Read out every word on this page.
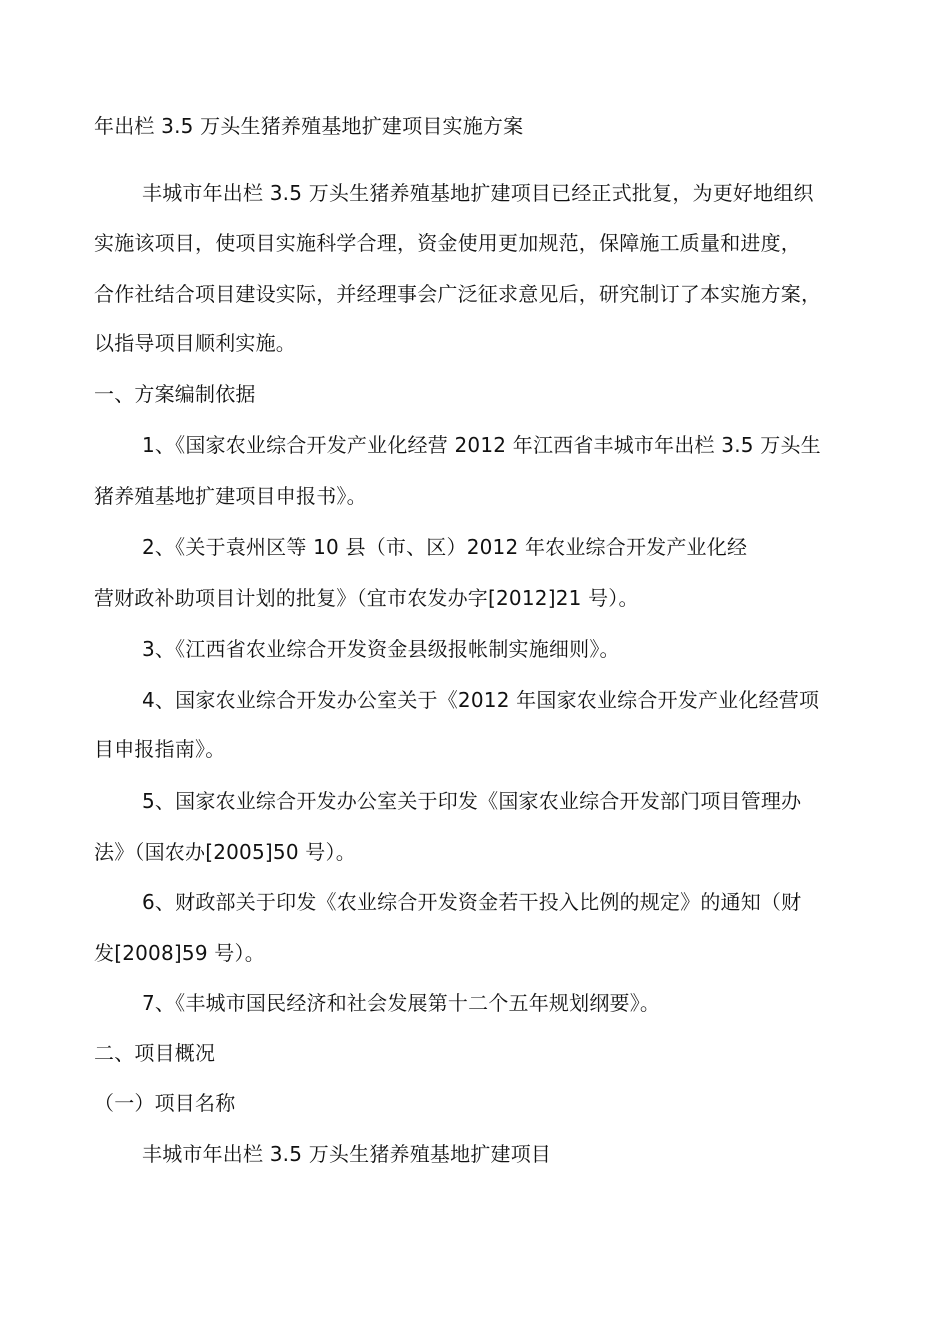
年出栏 3.5 万头生猪养殖基地扩建项目实施方案
丰城市年出栏 3.5 万头生猪养殖基地扩建项目已经正式批复，为更好地组织
实施该项目，使项目实施科学合理，资金使用更加规范，保障施工质量和进度，
合作社结合项目建设实际，并经理事会广泛征求意见后，研究制订了本实施方案，
以指导项目顺利实施。
一、方案编制依据
1、《国家农业综合开发产业化经营 2012 年江西省丰城市年出栏 3.5 万头生
猪养殖基地扩建项目申报书》。
2、《关于袁州区等 10 县（市、区）2012 年农业综合开发产业化经
营财政补助项目计划的批复》（宜市农发办字[2012]21 号）。
3、《江西省农业综合开发资金县级报帐制实施细则》。
4、国家农业综合开发办公室关于《2012 年国家农业综合开发产业化经营项
目申报指南》。
5、国家农业综合开发办公室关于印发《国家农业综合开发部门项目管理办
法》（国农办[2005]50 号）。
6、财政部关于印发《农业综合开发资金若干投入比例的规定》的通知（财
发[2008]59 号）。
7、《丰城市国民经济和社会发展第十二个五年规划纲要》。
二、项目概况
（一）项目名称
丰城市年出栏 3.5 万头生猪养殖基地扩建项目
